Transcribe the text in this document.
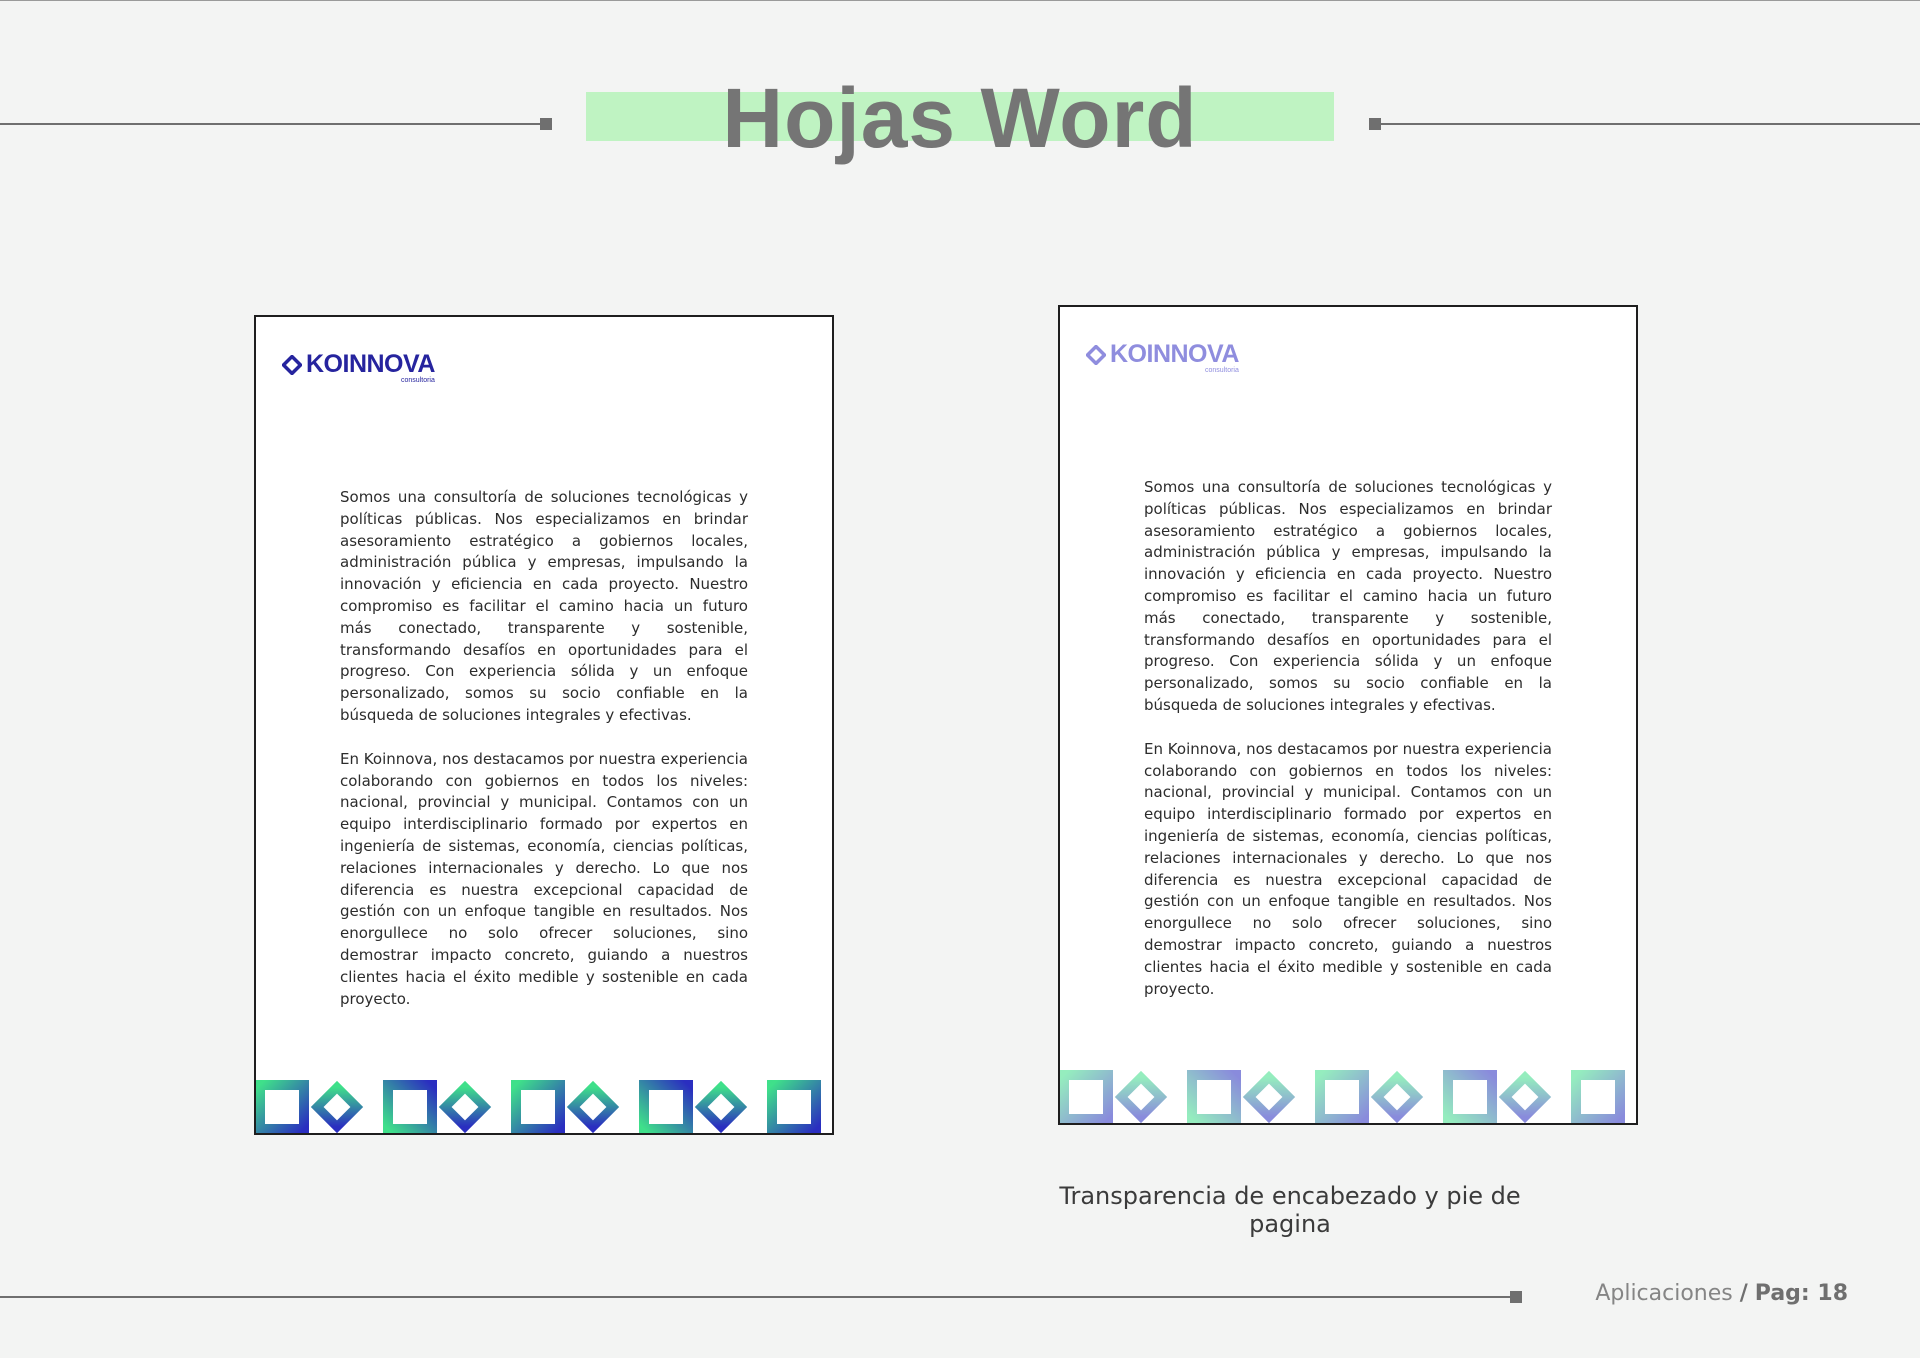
Hojas Word
KOINNOVA
consultoria

Somos una consultoría de soluciones tecnológicas y políticas públicas. Nos especializamos en brindar asesoramiento estratégico a gobiernos locales, administración pública y empresas, impulsando la innovación y eficiencia en cada proyecto. Nuestro compromiso es facilitar el camino hacia un futuro más conectado, transparente y sostenible, transformando desafíos en oportunidades para el progreso. Con experiencia sólida y un enfoque personalizado, somos su socio confiable en la búsqueda de soluciones integrales y efectivas.

En Koinnova, nos destacamos por nuestra experiencia colaborando con gobiernos en todos los niveles: nacional, provincial y municipal. Contamos con un equipo interdisciplinario formado por expertos en ingeniería de sistemas, economía, ciencias políticas, relaciones internacionales y derecho. Lo que nos diferencia es nuestra excepcional capacidad de gestión con un enfoque tangible en resultados. Nos enorgullece no solo ofrecer soluciones, sino demostrar impacto concreto, guiando a nuestros clientes hacia el éxito medible y sostenible en cada proyecto.

KOINNOVA
consultoria

Somos una consultoría de soluciones tecnológicas y políticas públicas. Nos especializamos en brindar asesoramiento estratégico a gobiernos locales, administración pública y empresas, impulsando la innovación y eficiencia en cada proyecto. Nuestro compromiso es facilitar el camino hacia un futuro más conectado, transparente y sostenible, transformando desafíos en oportunidades para el progreso. Con experiencia sólida y un enfoque personalizado, somos su socio confiable en la búsqueda de soluciones integrales y efectivas.

En Koinnova, nos destacamos por nuestra experiencia colaborando con gobiernos en todos los niveles: nacional, provincial y municipal. Contamos con un equipo interdisciplinario formado por expertos en ingeniería de sistemas, economía, ciencias políticas, relaciones internacionales y derecho. Lo que nos diferencia es nuestra excepcional capacidad de gestión con un enfoque tangible en resultados. Nos enorgullece no solo ofrecer soluciones, sino demostrar impacto concreto, guiando a nuestros clientes hacia el éxito medible y sostenible en cada proyecto.

Transparencia de encabezado y pie de pagina
Aplicaciones / Pag: 18
